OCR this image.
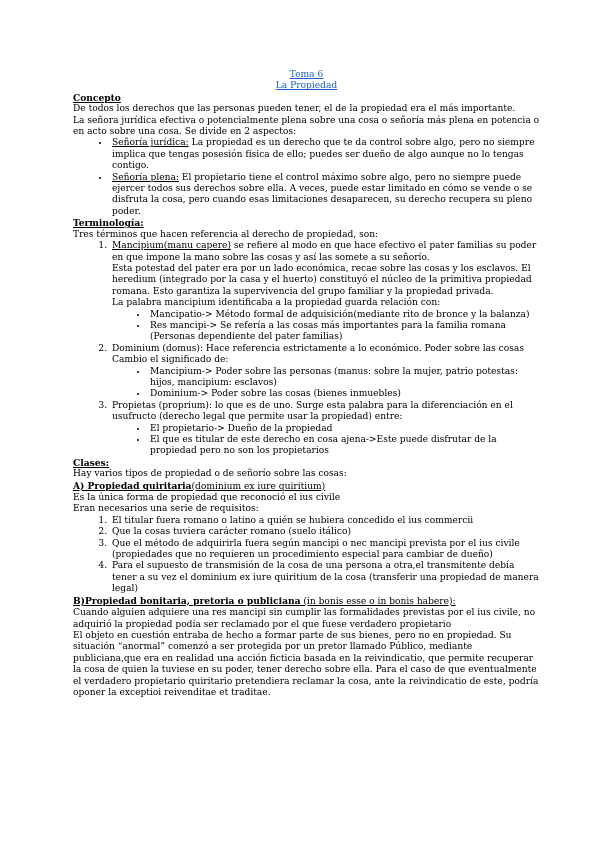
Tema 6

La Propiedad

Concepto

De todos los derechos que las personas pueden tener, el de la propiedad era el más importante.

La señora jurídica efectiva o potencialmente plena sobre una cosa o señoría más plena en potencia o en acto sobre una cosa. Se divide en 2 aspectos:

• Señoría jurídica: La propiedad es un derecho que te da control sobre algo, pero no siempre implica que tengas posesión física de ello; puedes ser dueño de algo aunque no lo tengas contigo.
• Señoría plena: El propietario tiene el control máximo sobre algo, pero no siempre puede ejercer todos sus derechos sobre ella. A veces, puede estar limitado en cómo se vende o se disfruta la cosa, pero cuando esas limitaciones desaparecen, su derecho recupera su pleno poder.

Terminología:

Tres términos que hacen referencia al derecho de propiedad, son:

1. Mancipium(manu capere) se refiere al modo en que hace efectivo el pater familias su poder en que impone la mano sobre las cosas y así las somete a su señorío.

Esta potestad del pater era por un lado económica, recae sobre las cosas y los esclavos. El heredium (integrado por la casa y el huerto) constituyó el núcleo de la primitiva propiedad romana. Esto garantiza la supervivencia del grupo familiar y la propiedad privada.

La palabra mancipium identificaba a la propiedad guarda relación con:

• Mancipatio-> Método formal de adquisición(mediante rito de bronce y la balanza)
• Res mancipi-> Se refería a las cosas más importantes para la familia romana (Personas dependiente del pater familias)
2. Dominium (domus): Hace referencia estrictamente a lo económico. Poder sobre las cosas Cambio el significado de:
• Mancipium-> Poder sobre las personas (manus: sobre la mujer, patrio potestas: hijos, mancipium: esclavos)
• Dominium-> Poder sobre las cosas (bienes inmuebles)
3. Propietas (proprium): lo que es de uno. Surge esta palabra para la diferenciación en el usufructo (derecho legal que permite usar la propiedad) entre:
• El propietario-> Dueño de la propiedad
• El que es titular de este derecho en cosa ajena->Este puede disfrutar de la propiedad pero no son los propietarios

Clases:

Hay varios tipos de propiedad o de señorío sobre las cosas:

A) Propiedad quiritaria(dominium ex iure quiritium)

Es la única forma de propiedad que reconoció el ius civile

Eran necesarios una serie de requisitos:

1. El titular fuera romano o latino a quién se hubiera concedido el ius commercii
2. Que la cosas tuviera carácter romano (suelo itálico)
3. Que el método de adquirirla fuera según mancipi o nec mancipi prevista por el ius civile (propiedades que no requieren un procedimiento especial para cambiar de dueño)
4. Para el supuesto de transmisión de la cosa de una persona a otra,el transmitente debía tener a su vez el dominium ex iure quiritium de la cosa (transferir una propiedad de manera legal)

B)Propiedad bonitaria, pretoria o publiciana (in bonis esse o in bonis habere):

Cuando alguien adquiere una res mancipi sin cumplir las formalidades previstas por el ius civile, no adquirió la propiedad podía ser reclamado por el que fuese verdadero propietario

El objeto en cuestión entraba de hecho a formar parte de sus bienes, pero no en propiedad. Su situación “anormal” comenzó a ser protegida por un pretor llamado Público, mediante publiciana,que era en realidad una acción ficticia basada en la reivindicatio, que permite recuperar la cosa de quien la tuviese en su poder, tener derecho sobre ella. Para el caso de que eventualmente el verdadero propietario quiritario pretendiera reclamar la cosa, ante la reivindicatio de este, podría oponer la exceptioi reivenditae et traditae.
